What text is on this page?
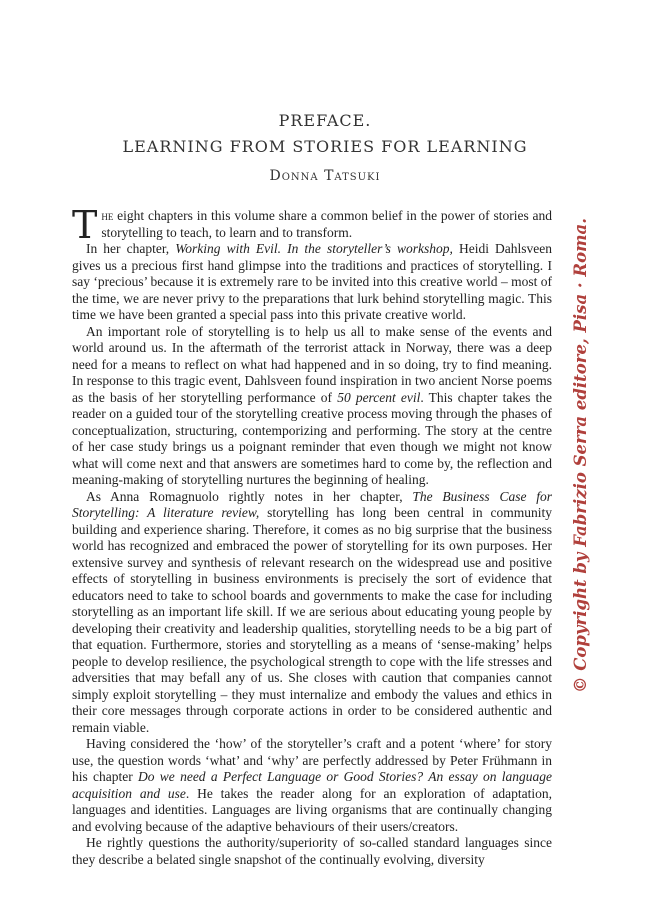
PREFACE.
LEARNING FROM STORIES FOR LEARNING
Donna Tatsuki

The eight chapters in this volume share a common belief in the power of stories and storytelling to teach, to learn and to transform.

In her chapter, Working with Evil. In the storyteller’s workshop, Heidi Dahlsveen gives us a precious first hand glimpse into the traditions and practices of storytelling. I say ‘precious’ because it is extremely rare to be invited into this creative world – most of the time, we are never privy to the preparations that lurk behind storytelling magic. This time we have been granted a special pass into this private creative world.

An important role of storytelling is to help us all to make sense of the events and world around us. In the aftermath of the terrorist attack in Norway, there was a deep need for a means to reflect on what had happened and in so doing, try to find meaning. In response to this tragic event, Dahlsveen found inspiration in two ancient Norse poems as the basis of her storytelling performance of 50 percent evil. This chapter takes the reader on a guided tour of the storytelling creative process moving through the phases of conceptualization, structuring, contemporizing and performing. The story at the centre of her case study brings us a poignant reminder that even though we might not know what will come next and that answers are sometimes hard to come by, the reflection and meaning-making of storytelling nurtures the beginning of healing.

As Anna Romagnuolo rightly notes in her chapter, The Business Case for Storytelling: A literature review, storytelling has long been central in community building and experience sharing. Therefore, it comes as no big surprise that the business world has recognized and embraced the power of storytelling for its own purposes. Her extensive survey and synthesis of relevant research on the widespread use and positive effects of storytelling in business environments is precisely the sort of evidence that educators need to take to school boards and governments to make the case for including storytelling as an important life skill. If we are serious about educating young people by developing their creativity and leadership qualities, storytelling needs to be a big part of that equation. Furthermore, stories and storytelling as a means of ‘sense-making’ helps people to develop resilience, the psychological strength to cope with the life stresses and adversities that may befall any of us. She closes with caution that companies cannot simply exploit storytelling – they must internalize and embody the values and ethics in their core messages through corporate actions in order to be considered authentic and remain viable.

Having considered the ‘how’ of the storyteller’s craft and a potent ‘where’ for story use, the question words ‘what’ and ‘why’ are perfectly addressed by Peter Frühmann in his chapter Do we need a Perfect Language or Good Stories? An essay on language acquisition and use. He takes the reader along for an exploration of adaptation, languages and identities. Languages are living organisms that are continually changing and evolving because of the adaptive behaviours of their users/creators.

He rightly questions the authority/superiority of so-called standard languages since they describe a belated single snapshot of the continually evolving, diversity

© Copyright by Fabrizio Serra editore, Pisa · Roma.
